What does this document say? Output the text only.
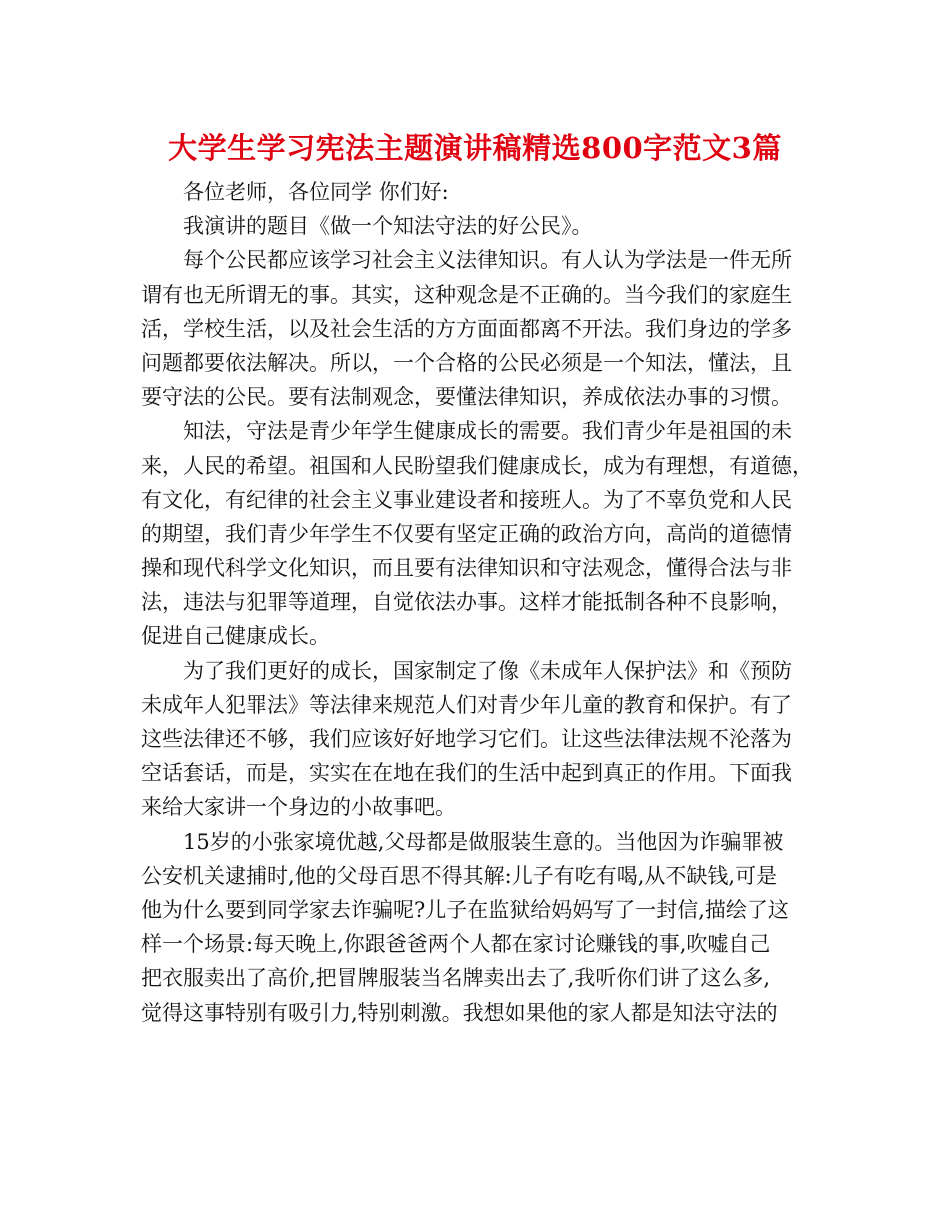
大学生学习宪法主题演讲稿精选800字范文3篇
各位老师，各位同学 你们好:
我演讲的题目《做一个知法守法的好公民》。
每个公民都应该学习社会主义法律知识。有人认为学法是一件无所
谓有也无所谓无的事。其实，这种观念是不正确的。当今我们的家庭生
活，学校生活，以及社会生活的方方面面都离不开法。我们身边的学多
问题都要依法解决。所以，一个合格的公民必须是一个知法，懂法，且
要守法的公民。要有法制观念，要懂法律知识，养成依法办事的习惯。
知法，守法是青少年学生健康成长的需要。我们青少年是祖国的未
来，人民的希望。祖国和人民盼望我们健康成长，成为有理想，有道德，
有文化，有纪律的社会主义事业建设者和接班人。为了不辜负党和人民
的期望，我们青少年学生不仅要有坚定正确的政治方向，高尚的道德情
操和现代科学文化知识，而且要有法律知识和守法观念，懂得合法与非
法，违法与犯罪等道理，自觉依法办事。这样才能抵制各种不良影响，
促进自己健康成长。
为了我们更好的成长，国家制定了像《未成年人保护法》和《预防
未成年人犯罪法》等法律来规范人们对青少年儿童的教育和保护。有了
这些法律还不够，我们应该好好地学习它们。让这些法律法规不沦落为
空话套话，而是，实实在在地在我们的生活中起到真正的作用。下面我
来给大家讲一个身边的小故事吧。
15岁的小张家境优越,父母都是做服装生意的。当他因为诈骗罪被
公安机关逮捕时,他的父母百思不得其解:儿子有吃有喝,从不缺钱,可是
他为什么要到同学家去诈骗呢?儿子在监狱给妈妈写了一封信,描绘了这
样一个场景:每天晚上,你跟爸爸两个人都在家讨论赚钱的事,吹嘘自己
把衣服卖出了高价,把冒牌服装当名牌卖出去了,我听你们讲了这么多,
觉得这事特别有吸引力,特别刺激。我想如果他的家人都是知法守法的
